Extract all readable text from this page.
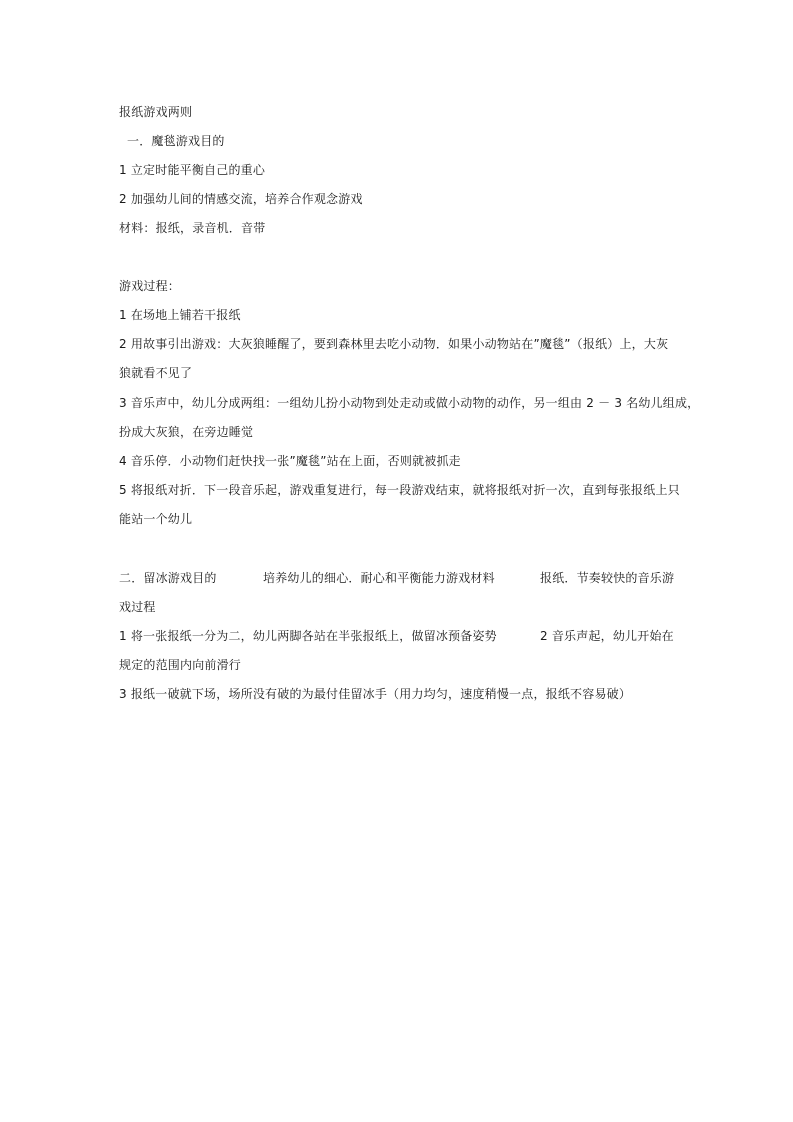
报纸游戏两则
一．魔毯游戏目的
1 立定时能平衡自己的重心
2 加强幼儿间的情感交流，培养合作观念游戏
材料：报纸，录音机．音带
游戏过程：
1 在场地上铺若干报纸
2 用故事引出游戏：大灰狼睡醒了，要到森林里去吃小动物．如果小动物站在”魔毯”（报纸）上，大灰
狼就看不见了
3 音乐声中，幼儿分成两组：一组幼儿扮小动物到处走动或做小动物的动作，另一组由 2 － 3 名幼儿组成，
扮成大灰狼，在旁边睡觉
4 音乐停．小动物们赶快找一张”魔毯”站在上面，否则就被抓走
5 将报纸对折．下一段音乐起，游戏重复进行，每一段游戏结束，就将报纸对折一次，直到每张报纸上只
能站一个幼儿
二．留冰游戏目的	培养幼儿的细心．耐心和平衡能力游戏材料	报纸．节奏较快的音乐游
戏过程
1 将一张报纸一分为二，幼儿两脚各站在半张报纸上，做留冰预备姿势	2 音乐声起，幼儿开始在
规定的范围内向前滑行
3 报纸一破就下场，场所没有破的为最付佳留冰手（用力均匀，速度稍慢一点，报纸不容易破）
